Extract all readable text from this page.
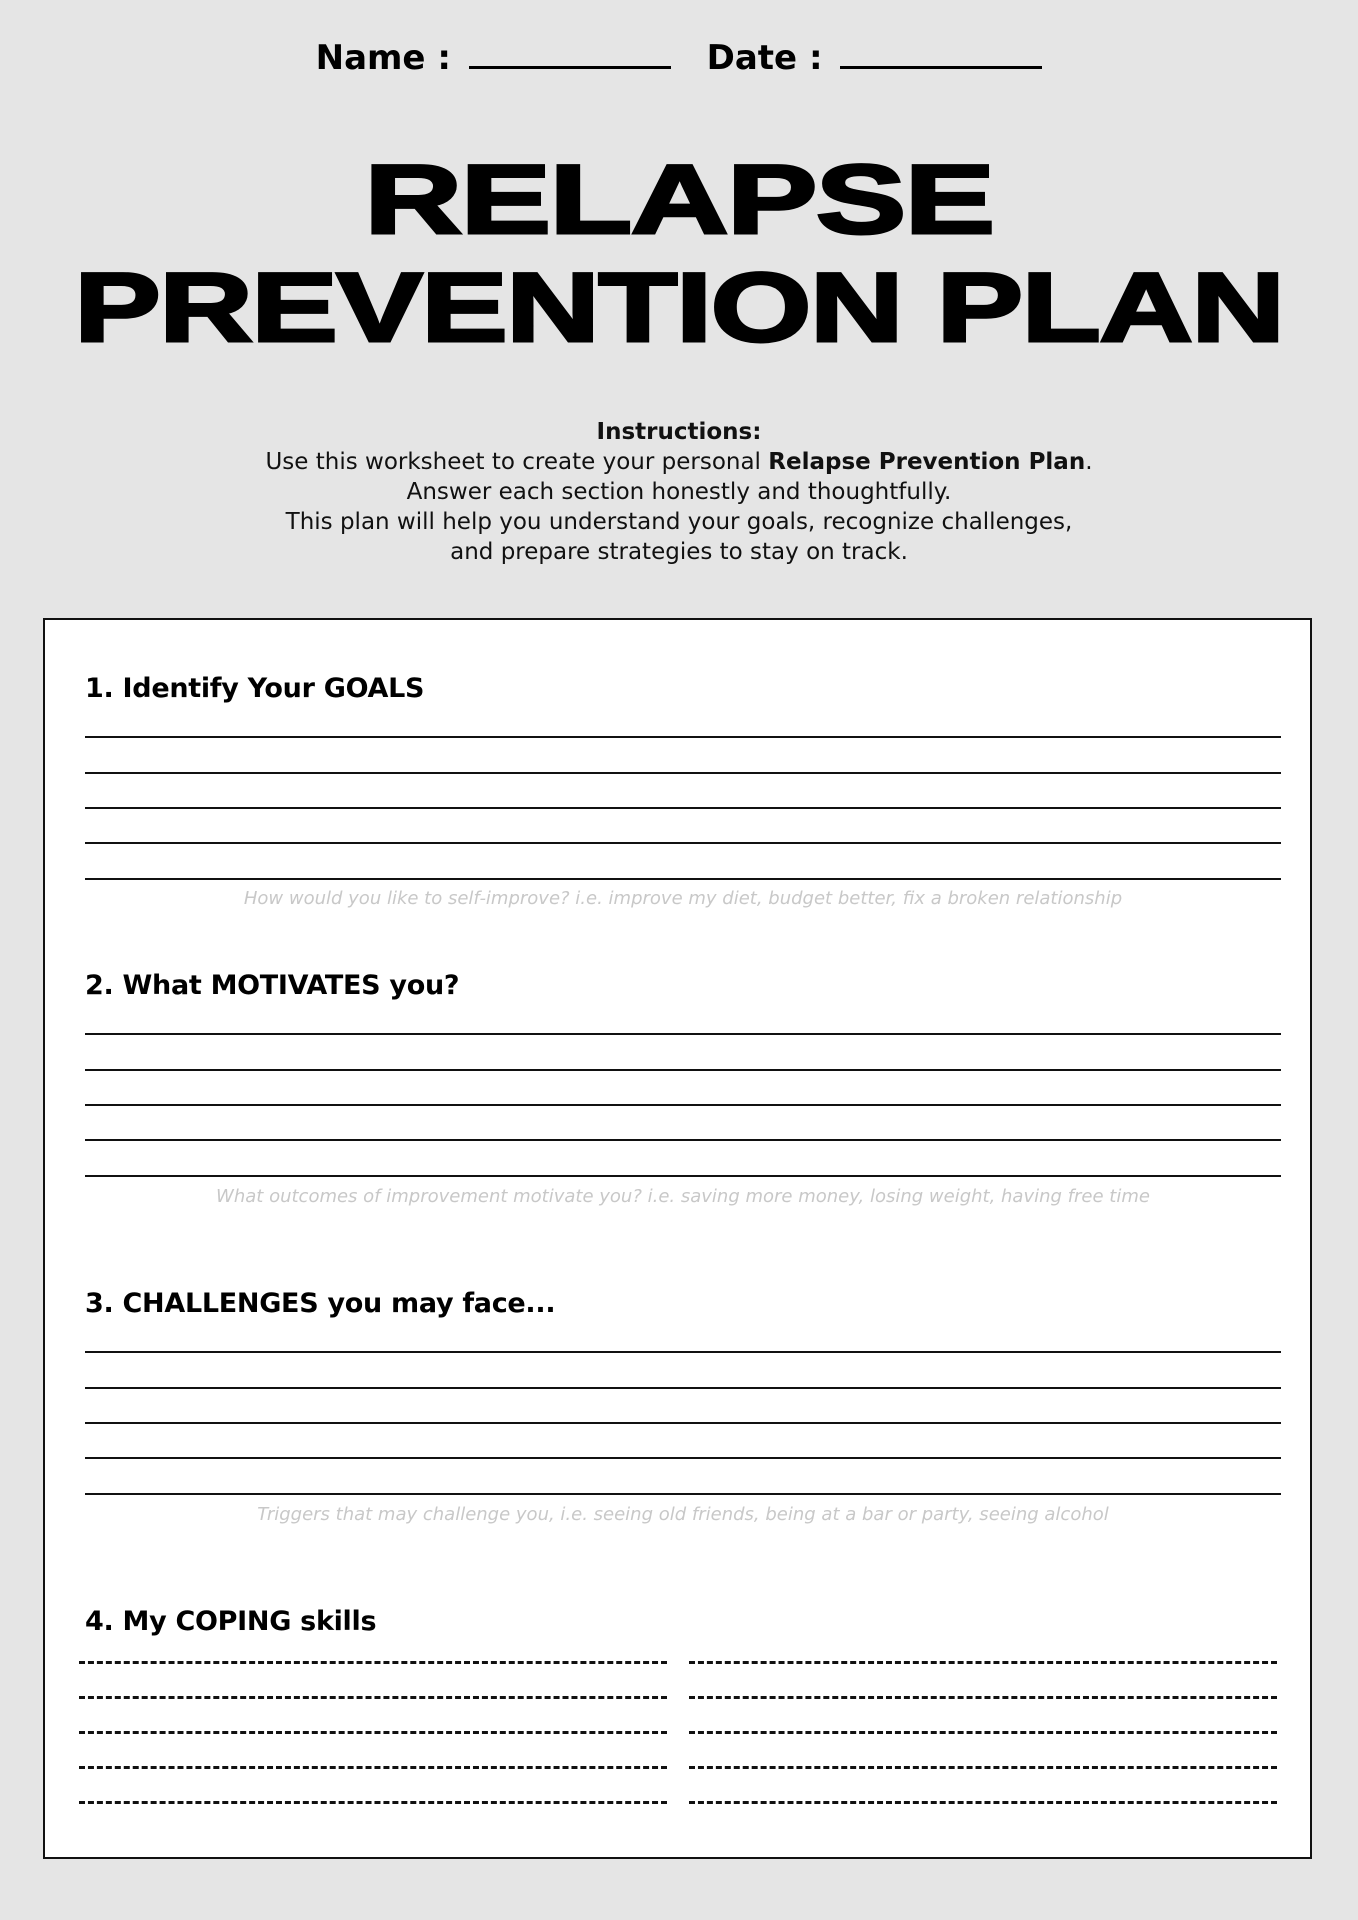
Name :	Date :
RELAPSE
PREVENTION PLAN
Instructions:
Use this worksheet to create your personal Relapse Prevention Plan.
Answer each section honestly and thoughtfully.
This plan will help you understand your goals, recognize challenges,
and prepare strategies to stay on track.
1. Identify Your GOALS
How would you like to self-improve? i.e. improve my diet, budget better, fix a broken relationship
2. What MOTIVATES you?
What outcomes of improvement motivate you? i.e. saving more money, losing weight, having free time
3. CHALLENGES you may face...
Triggers that may challenge you, i.e. seeing old friends, being at a bar or party, seeing alcohol
4. My COPING skills
